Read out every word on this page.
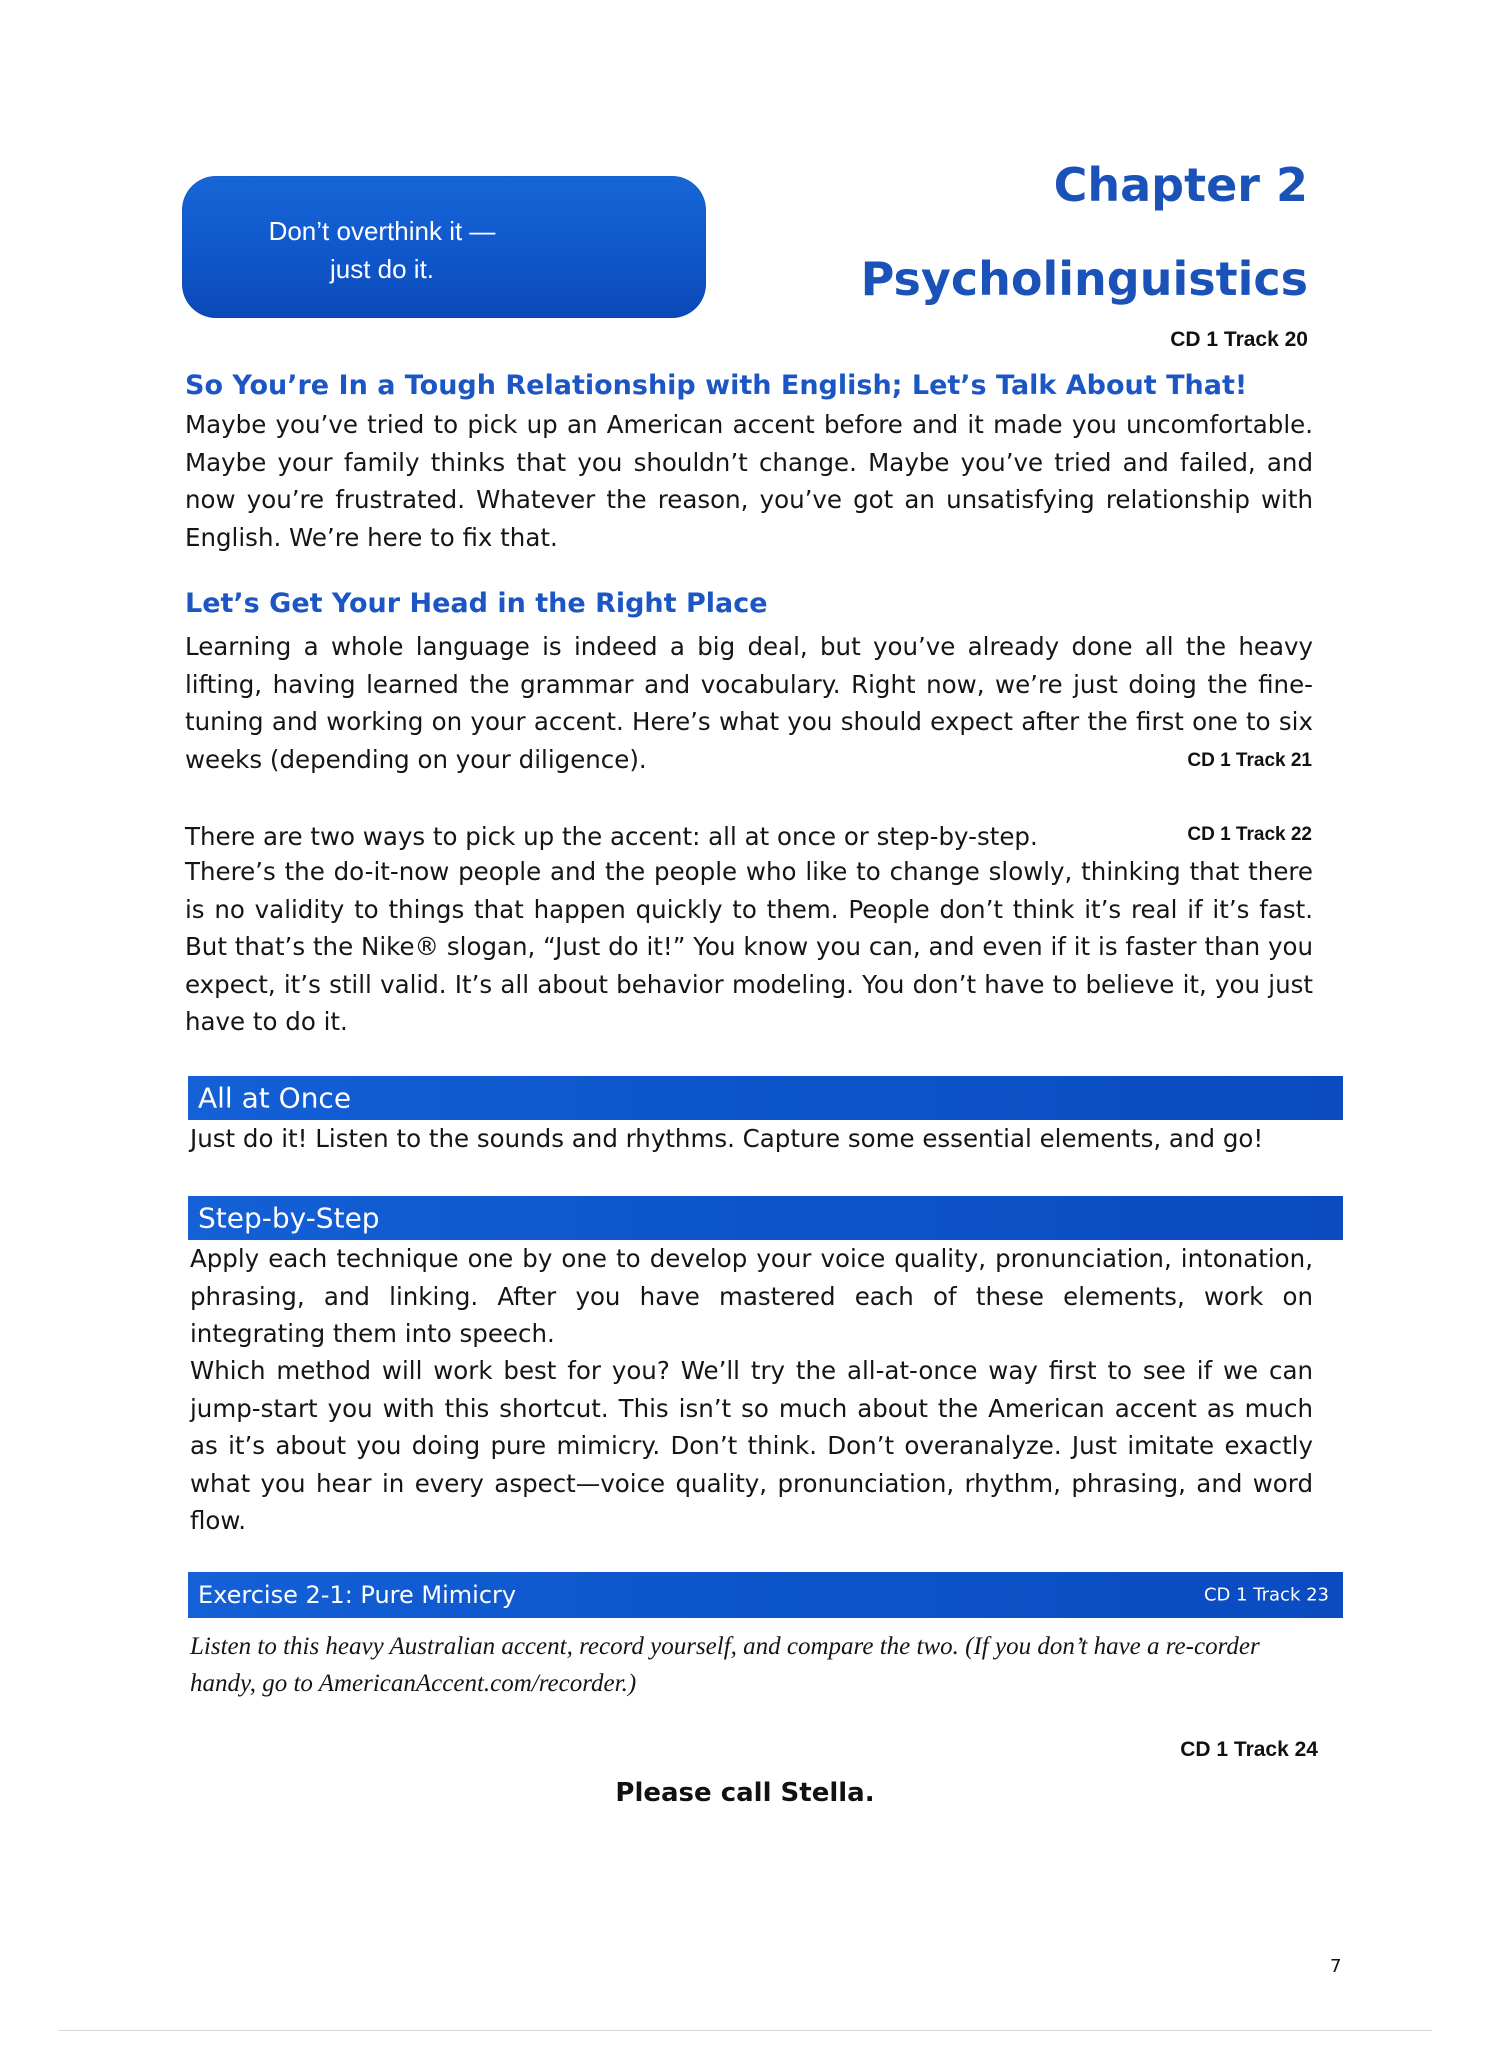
Don’t overthink it —
just do it.
Chapter 2
Psycholinguistics
CD 1 Track 20
So You’re In a Tough Relationship with English; Let’s Talk About That!

Maybe you’ve tried to pick up an American accent before and it made you uncomfortable. Maybe your family thinks that you shouldn’t change. Maybe you’ve tried and failed, and now you’re frustrated. Whatever the reason, you’ve got an unsatisfying relationship with English. We’re here to fix that.

Let’s Get Your Head in the Right Place

Learning a whole language is indeed a big deal, but you’ve already done all the heavy lifting, having learned the grammar and vocabulary. Right now, we’re just doing the fine-tuning and working on your accent. Here’s what you should expect after the first one to six weeks (depending on your diligence).	CD 1 Track 21
There are two ways to pick up the accent: all at once or step-by-step.	CD 1 Track 22

There’s the do-it-now people and the people who like to change slowly, thinking that there is no validity to things that happen quickly to them. People don’t think it’s real if it’s fast. But that’s the Nike® slogan, “Just do it!” You know you can, and even if it is faster than you expect, it’s still valid. It’s all about behavior modeling. You don’t have to believe it, you just have to do it.

All at Once

Just do it! Listen to the sounds and rhythms. Capture some essential elements, and go!

Step-by-Step

Apply each technique one by one to develop your voice quality, pronunciation, intonation, phrasing, and linking. After you have mastered each of these elements, work on integrating them into speech.

Which method will work best for you? We’ll try the all-at-once way first to see if we can jump-start you with this shortcut. This isn’t so much about the American accent as much as it’s about you doing pure mimicry. Don’t think. Don’t overanalyze. Just imitate exactly what you hear in every aspect—voice quality, pronunciation, rhythm, phrasing, and word flow.

Exercise 2-1: Pure Mimicry	CD 1 Track 23

Listen to this heavy Australian accent, record yourself, and compare the two. (If you don’t have a re-corder handy, go to AmericanAccent.com/recorder.)

CD 1 Track 24
Please call Stella.
7
